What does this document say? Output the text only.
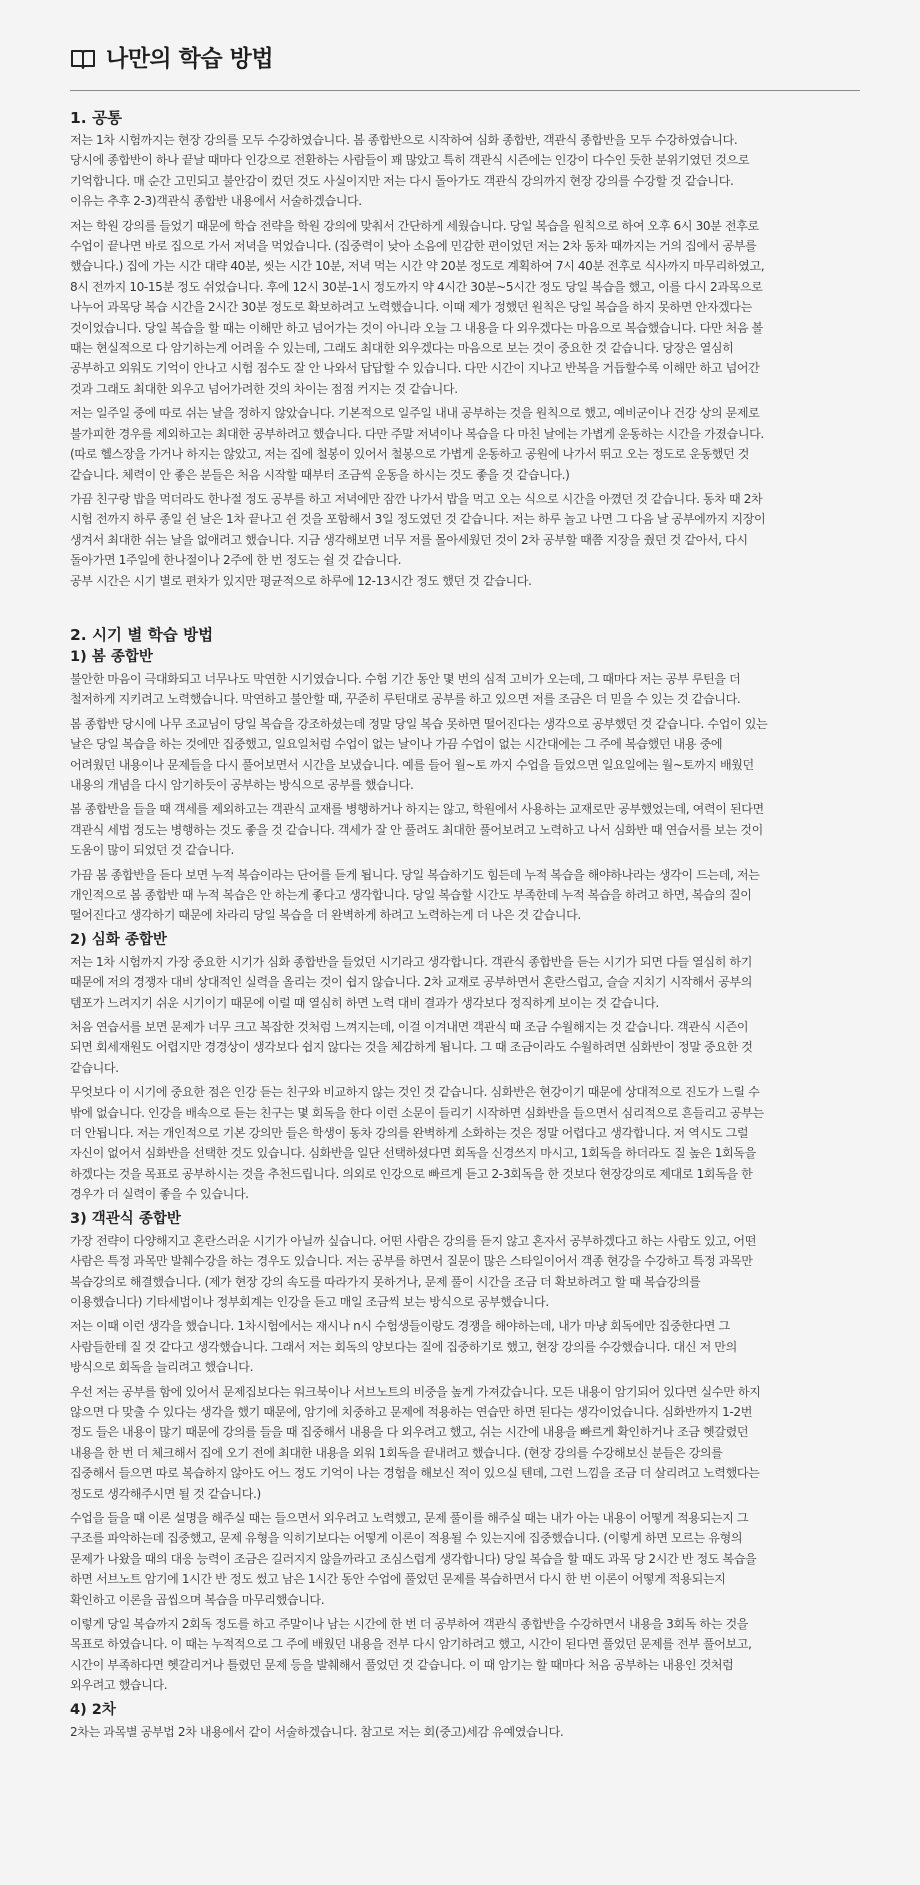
나만의 학습 방법
1. 공통

저는 1차 시험까지는 현장 강의를 모두 수강하였습니다. 봄 종합반으로 시작하여 심화 종합반, 객관식 종합반을 모두 수강하였습니다.
당시에 종합반이 하나 끝날 때마다 인강으로 전환하는 사람들이 꽤 많았고 특히 객관식 시즌에는 인강이 다수인 듯한 분위기였던 것으로
기억합니다. 매 순간 고민되고 불안감이 컸던 것도 사실이지만 저는 다시 돌아가도 객관식 강의까지 현장 강의를 수강할 것 같습니다.
이유는 추후 2-3)객관식 종합반 내용에서 서술하겠습니다.

저는 학원 강의를 들었기 때문에 학습 전략을 학원 강의에 맞춰서 간단하게 세웠습니다. 당일 복습을 원칙으로 하여 오후 6시 30분 전후로
수업이 끝나면 바로 집으로 가서 저녁을 먹었습니다. (집중력이 낮아 소음에 민감한 편이었던 저는 2차 동차 때까지는 거의 집에서 공부를
했습니다.) 집에 가는 시간 대략 40분, 씻는 시간 10분, 저녁 먹는 시간 약 20분 정도로 계획하여 7시 40분 전후로 식사까지 마무리하였고,
8시 전까지 10-15분 정도 쉬었습니다. 후에 12시 30분-1시 정도까지 약 4시간 30분~5시간 정도 당일 복습을 했고, 이를 다시 2과목으로
나누어 과목당 복습 시간을 2시간 30분 정도로 확보하려고 노력했습니다. 이때 제가 정했던 원칙은 당일 복습을 하지 못하면 안자겠다는
것이었습니다. 당일 복습을 할 때는 이해만 하고 넘어가는 것이 아니라 오늘 그 내용을 다 외우겠다는 마음으로 복습했습니다. 다만 처음 볼
때는 현실적으로 다 암기하는게 어려울 수 있는데, 그래도 최대한 외우겠다는 마음으로 보는 것이 중요한 것 같습니다. 당장은 열심히
공부하고 외워도 기억이 안나고 시험 점수도 잘 안 나와서 답답할 수 있습니다. 다만 시간이 지나고 반복을 거듭할수록 이해만 하고 넘어간
것과 그래도 최대한 외우고 넘어가려한 것의 차이는 점점 커지는 것 같습니다.

저는 일주일 중에 따로 쉬는 날을 정하지 않았습니다. 기본적으로 일주일 내내 공부하는 것을 원칙으로 했고, 예비군이나 건강 상의 문제로
불가피한 경우를 제외하고는 최대한 공부하려고 했습니다. 다만 주말 저녁이나 복습을 다 마친 날에는 가볍게 운동하는 시간을 가졌습니다.
(따로 헬스장을 가거나 하지는 않았고, 저는 집에 철봉이 있어서 철봉으로 가볍게 운동하고 공원에 나가서 뛰고 오는 정도로 운동했던 것
같습니다. 체력이 안 좋은 분들은 처음 시작할 때부터 조금씩 운동을 하시는 것도 좋을 것 같습니다.)

가끔 친구랑 밥을 먹더라도 한나절 정도 공부를 하고 저녁에만 잠깐 나가서 밥을 먹고 오는 식으로 시간을 아꼈던 것 같습니다. 동차 때 2차
시험 전까지 하루 종일 쉰 날은 1차 끝나고 쉰 것을 포함해서 3일 정도였던 것 같습니다. 저는 하루 놀고 나면 그 다음 날 공부에까지 지장이
생겨서 최대한 쉬는 날을 없애려고 했습니다. 지금 생각해보면 너무 저를 몰아세웠던 것이 2차 공부할 때쯤 지장을 줬던 것 같아서, 다시
돌아가면 1주일에 한나절이나 2주에 한 번 정도는 쉴 것 같습니다.
공부 시간은 시기 별로 편차가 있지만 평균적으로 하루에 12-13시간 정도 했던 것 같습니다.

2. 시기 별 학습 방법
1) 봄 종합반

불안한 마음이 극대화되고 너무나도 막연한 시기였습니다. 수험 기간 동안 몇 번의 심적 고비가 오는데, 그 때마다 저는 공부 루틴을 더
철저하게 지키려고 노력했습니다. 막연하고 불안할 때, 꾸준히 루틴대로 공부를 하고 있으면 저를 조금은 더 믿을 수 있는 것 같습니다.

봄 종합반 당시에 나무 조교님이 당일 복습을 강조하셨는데 정말 당일 복습 못하면 떨어진다는 생각으로 공부했던 것 같습니다. 수업이 있는
날은 당일 복습을 하는 것에만 집중했고, 일요일처럼 수업이 없는 날이나 가끔 수업이 없는 시간대에는 그 주에 복습했던 내용 중에
어려웠던 내용이나 문제들을 다시 풀어보면서 시간을 보냈습니다. 예를 들어 월~토 까지 수업을 들었으면 일요일에는 월~토까지 배웠던
내용의 개념을 다시 암기하듯이 공부하는 방식으로 공부를 했습니다.

봄 종합반을 들을 때 객세를 제외하고는 객관식 교재를 병행하거나 하지는 않고, 학원에서 사용하는 교재로만 공부했었는데, 여력이 된다면
객관식 세법 정도는 병행하는 것도 좋을 것 같습니다. 객세가 잘 안 풀려도 최대한 풀어보려고 노력하고 나서 심화반 때 연습서를 보는 것이
도움이 많이 되었던 것 같습니다.

가끔 봄 종합반을 듣다 보면 누적 복습이라는 단어를 듣게 됩니다. 당일 복습하기도 힘든데 누적 복습을 해야하나라는 생각이 드는데, 저는
개인적으로 봄 종합반 때 누적 복습은 안 하는게 좋다고 생각합니다. 당일 복습할 시간도 부족한데 누적 복습을 하려고 하면, 복습의 질이
떨어진다고 생각하기 때문에 차라리 당일 복습을 더 완벽하게 하려고 노력하는게 더 나은 것 같습니다.

2) 심화 종합반

저는 1차 시험까지 가장 중요한 시기가 심화 종합반을 들었던 시기라고 생각합니다. 객관식 종합반을 듣는 시기가 되면 다들 열심히 하기
때문에 저의 경쟁자 대비 상대적인 실력을 올리는 것이 쉽지 않습니다. 2차 교재로 공부하면서 혼란스럽고, 슬슬 지치기 시작해서 공부의
템포가 느려지기 쉬운 시기이기 때문에 이럴 때 열심히 하면 노력 대비 결과가 생각보다 정직하게 보이는 것 같습니다.

처음 연습서를 보면 문제가 너무 크고 복잡한 것처럼 느껴지는데, 이걸 이겨내면 객관식 때 조금 수월해지는 것 같습니다. 객관식 시즌이
되면 회세재원도 어렵지만 경경상이 생각보다 쉽지 않다는 것을 체감하게 됩니다. 그 때 조금이라도 수월하려면 심화반이 정말 중요한 것
같습니다.

무엇보다 이 시기에 중요한 점은 인강 듣는 친구와 비교하지 않는 것인 것 같습니다. 심화반은 현강이기 때문에 상대적으로 진도가 느릴 수
밖에 없습니다. 인강을 배속으로 듣는 친구는 몇 회독을 한다 이런 소문이 들리기 시작하면 심화반을 들으면서 심리적으로 흔들리고 공부는
더 안됩니다. 저는 개인적으로 기본 강의만 들은 학생이 동차 강의를 완벽하게 소화하는 것은 정말 어렵다고 생각합니다. 저 역시도 그럴
자신이 없어서 심화반을 선택한 것도 있습니다. 심화반을 일단 선택하셨다면 회독을 신경쓰지 마시고, 1회독을 하더라도 질 높은 1회독을
하겠다는 것을 목표로 공부하시는 것을 추천드립니다. 의외로 인강으로 빠르게 듣고 2-3회독을 한 것보다 현장강의로 제대로 1회독을 한
경우가 더 실력이 좋을 수 있습니다.

3) 객관식 종합반

가장 전략이 다양해지고 혼란스러운 시기가 아닐까 싶습니다. 어떤 사람은 강의를 듣지 않고 혼자서 공부하겠다고 하는 사람도 있고, 어떤
사람은 특정 과목만 발췌수강을 하는 경우도 있습니다. 저는 공부를 하면서 질문이 많은 스타일이어서 객종 현강을 수강하고 특정 과목만
복습강의로 해결했습니다. (제가 현장 강의 속도를 따라가지 못하거나, 문제 풀이 시간을 조금 더 확보하려고 할 때 복습강의를
이용했습니다) 기타세법이나 정부회계는 인강을 듣고 매일 조금씩 보는 방식으로 공부했습니다.

저는 이때 이런 생각을 했습니다. 1차시험에서는 재시나 n시 수험생들이랑도 경쟁을 해야하는데, 내가 마냥 회독에만 집중한다면 그
사람들한테 질 것 같다고 생각했습니다. 그래서 저는 회독의 양보다는 질에 집중하기로 했고, 현장 강의를 수강했습니다. 대신 저 만의
방식으로 회독을 늘리려고 했습니다.

우선 저는 공부를 함에 있어서 문제집보다는 워크북이나 서브노트의 비중을 높게 가져갔습니다. 모든 내용이 암기되어 있다면 실수만 하지
않으면 다 맞출 수 있다는 생각을 했기 때문에, 암기에 치중하고 문제에 적용하는 연습만 하면 된다는 생각이었습니다. 심화반까지 1-2번
정도 들은 내용이 많기 때문에 강의를 들을 때 집중해서 내용을 다 외우려고 했고, 쉬는 시간에 내용을 빠르게 확인하거나 조금 헷갈렸던
내용을 한 번 더 체크해서 집에 오기 전에 최대한 내용을 외워 1회독을 끝내려고 했습니다. (현장 강의를 수강해보신 분들은 강의를
집중해서 들으면 따로 복습하지 않아도 어느 정도 기억이 나는 경험을 해보신 적이 있으실 텐데, 그런 느낌을 조금 더 살리려고 노력했다는
정도로 생각해주시면 될 것 같습니다.)

수업을 들을 때 이론 설명을 해주실 때는 들으면서 외우려고 노력했고, 문제 풀이를 해주실 때는 내가 아는 내용이 어떻게 적용되는지 그
구조를 파악하는데 집중했고, 문제 유형을 익히기보다는 어떻게 이론이 적용될 수 있는지에 집중했습니다. (이렇게 하면 모르는 유형의
문제가 나왔을 때의 대응 능력이 조금은 길러지지 않을까라고 조심스럽게 생각합니다) 당일 복습을 할 때도 과목 당 2시간 반 정도 복습을
하면 서브노트 암기에 1시간 반 정도 썼고 남은 1시간 동안 수업에 풀었던 문제를 복습하면서 다시 한 번 이론이 어떻게 적용되는지
확인하고 이론을 곱씹으며 복습을 마무리했습니다.

이렇게 당일 복습까지 2회독 정도를 하고 주말이나 남는 시간에 한 번 더 공부하여 객관식 종합반을 수강하면서 내용을 3회독 하는 것을
목표로 하였습니다. 이 때는 누적적으로 그 주에 배웠던 내용을 전부 다시 암기하려고 했고, 시간이 된다면 풀었던 문제를 전부 풀어보고,
시간이 부족하다면 헷갈리거나 틀렸던 문제 등을 발췌해서 풀었던 것 같습니다. 이 때 암기는 할 때마다 처음 공부하는 내용인 것처럼
외우려고 했습니다.

4) 2차

2차는 과목별 공부법 2차 내용에서 같이 서술하겠습니다. 참고로 저는 회(중고)세감 유예였습니다.
